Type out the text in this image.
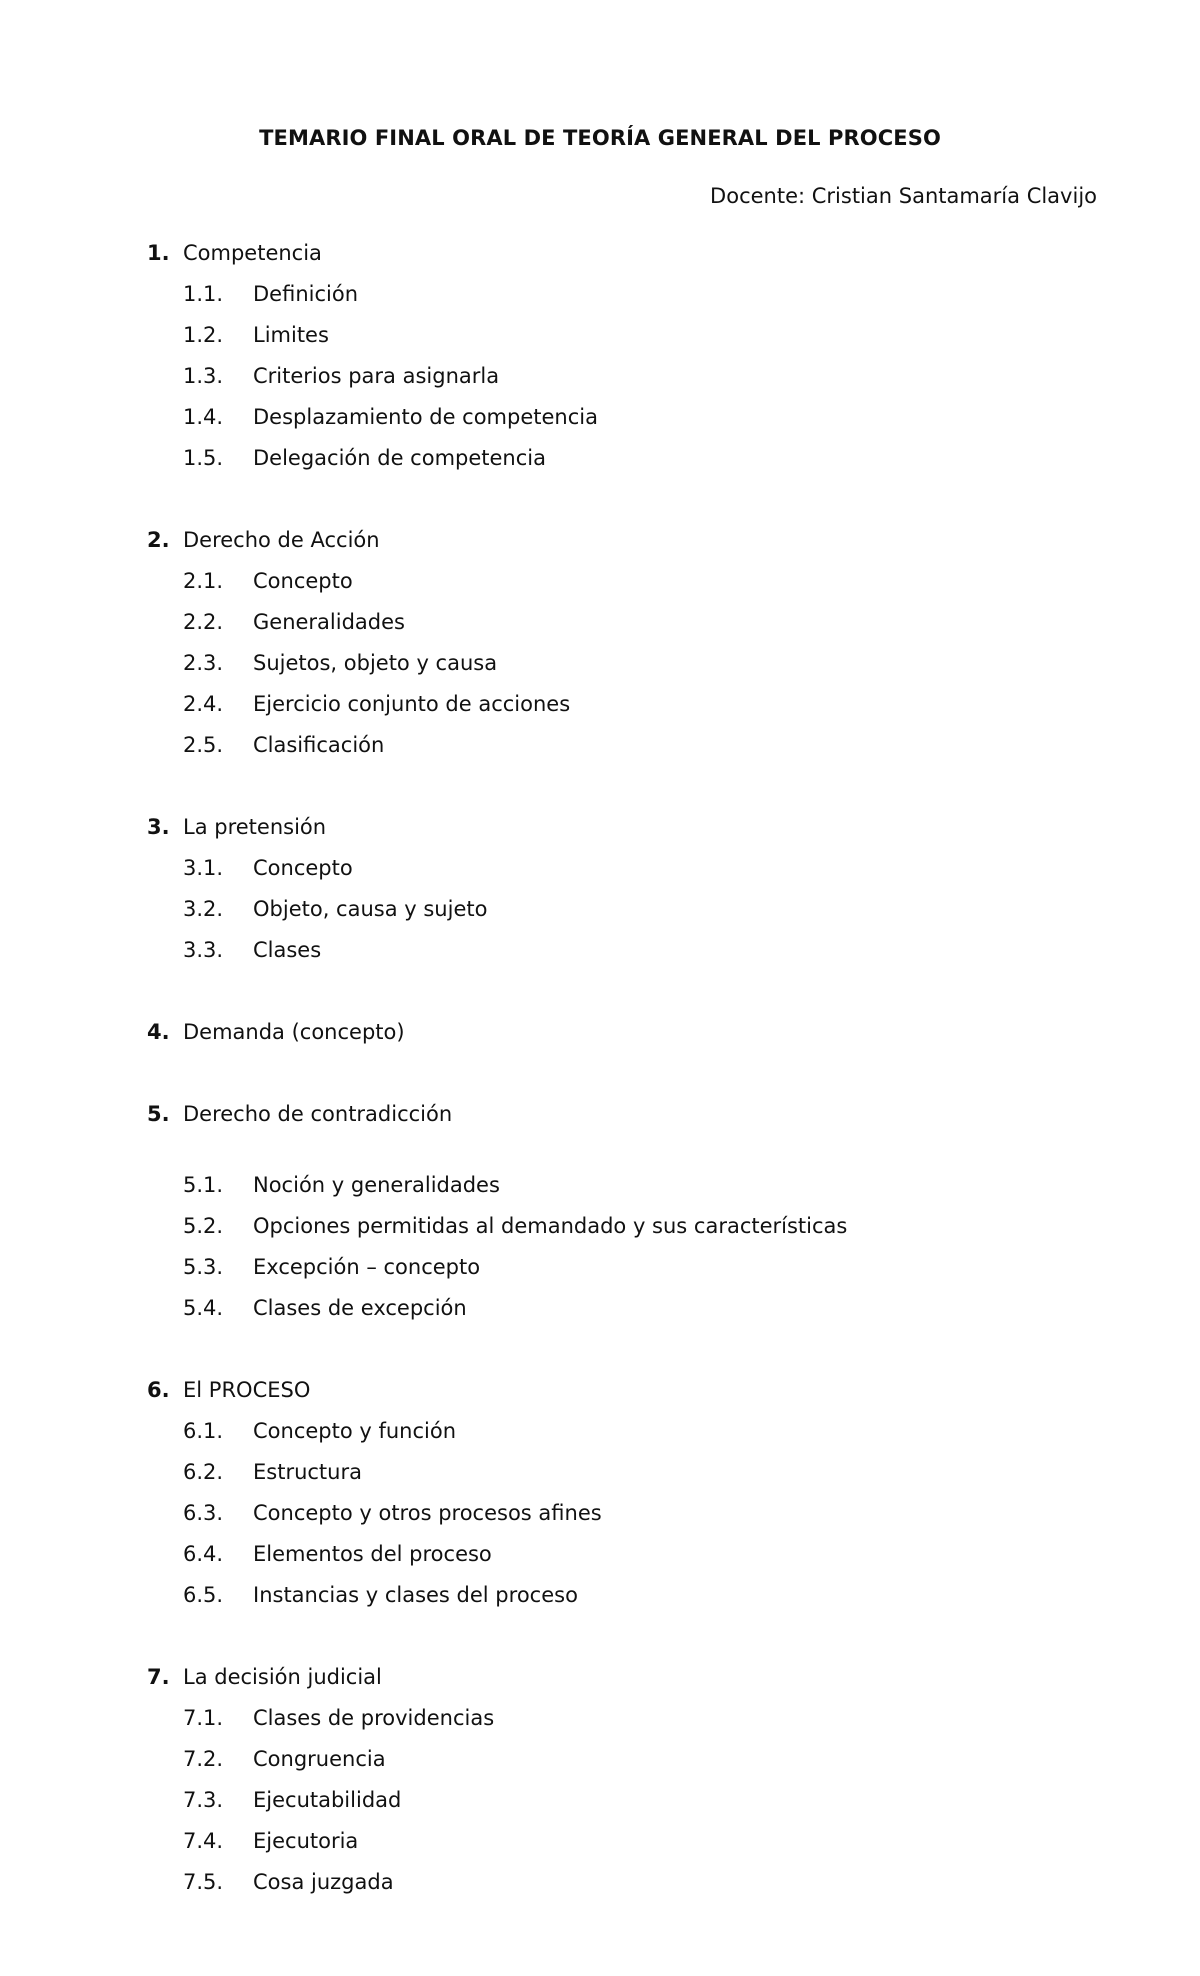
TEMARIO FINAL ORAL DE TEORÍA GENERAL DEL PROCESO
Docente: Cristian Santamaría Clavijo
1. Competencia
1.1. Definición
1.2. Limites
1.3. Criterios para asignarla
1.4. Desplazamiento de competencia
1.5. Delegación de competencia
2. Derecho de Acción
2.1. Concepto
2.2. Generalidades
2.3. Sujetos, objeto y causa
2.4. Ejercicio conjunto de acciones
2.5. Clasificación
3. La pretensión
3.1. Concepto
3.2. Objeto, causa y sujeto
3.3. Clases
4. Demanda (concepto)
5. Derecho de contradicción
5.1. Noción y generalidades
5.2. Opciones permitidas al demandado y sus características
5.3. Excepción – concepto
5.4. Clases de excepción
6. El PROCESO
6.1. Concepto y función
6.2. Estructura
6.3. Concepto y otros procesos afines
6.4. Elementos del proceso
6.5. Instancias y clases del proceso
7. La decisión judicial
7.1. Clases de providencias
7.2. Congruencia
7.3. Ejecutabilidad
7.4. Ejecutoria
7.5. Cosa juzgada
